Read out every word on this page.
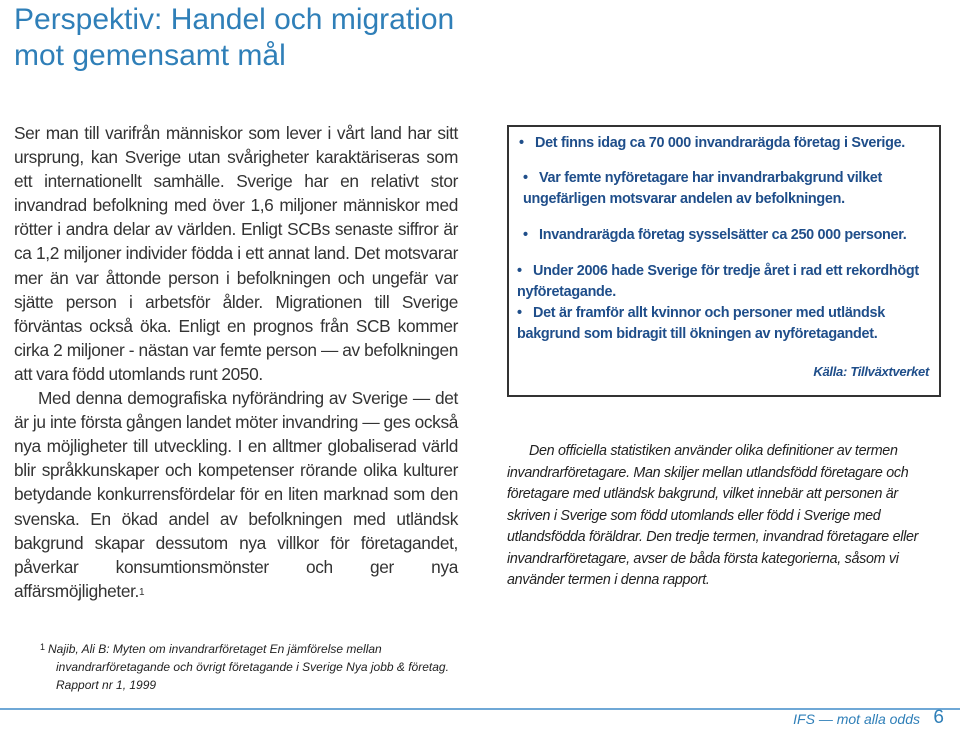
Perspektiv: Handel och migration
mot gemensamt mål

Ser man till varifrån människor som lever i vårt land har sitt ursprung, kan Sverige utan svårigheter karaktäriseras som ett internationellt samhälle. Sverige har en relativt stor invandrad befolkning med över 1,6 miljoner människor med rötter i andra delar av världen. Enligt SCBs senaste siffror är ca 1,2 miljoner individer födda i ett annat land. Det motsvarar mer än var åttonde person i befolkningen och ungefär var sjätte person i arbetsför ålder. Migrationen till Sverige förväntas också öka. Enligt en prognos från SCB kommer cirka 2 miljoner - nästan var femte person — av befolkningen att vara född utomlands runt 2050.

Med denna demografiska nyförändring av Sverige — det är ju inte första gången landet möter invandring — ges också nya möjligheter till utveckling. I en alltmer globaliserad värld blir språkkunskaper och kompetenser rörande olika kulturer betydande konkurrensfördelar för en liten marknad som den svenska. En ökad andel av befolkningen med utländsk bakgrund skapar dessutom nya villkor för företagandet, påverkar konsumtionsmönster och ger nya affärsmöjligheter.$^1$

• Det finns idag ca 70 000 invandrarägda företag i Sverige.
• Var femte nyföretagare har invandrarbakgrund vilket ungefärligen motsvarar andelen av befolkningen.
• Invandrarägda företag sysselsätter ca 250 000 personer.
• Under 2006 hade Sverige för tredje året i rad ett rekordhögt nyföretagande.
• Det är framför allt kvinnor och personer med utländsk bakgrund som bidragit till ökningen av nyföretagandet.
Källa: Tillväxtverket

Den officiella statistiken använder olika definitioner av termen invandrarföretagare. Man skiljer mellan utlandsfödd företagare och företagare med utländsk bakgrund, vilket innebär att personen är skriven i Sverige som född utomlands eller född i Sverige med utlandsfödda föräldrar. Den tredje termen, invandrad företagare eller invandrarföretagare, avser de båda första kategorierna, såsom vi använder termen i denna rapport.

$^1$ Najib, Ali B: Myten om invandrarföretaget En jämförelse mellan
invandrarföretagande och övrigt företagande i Sverige Nya jobb & företag.
Rapport nr 1, 1999
IFS — mot alla odds 6
